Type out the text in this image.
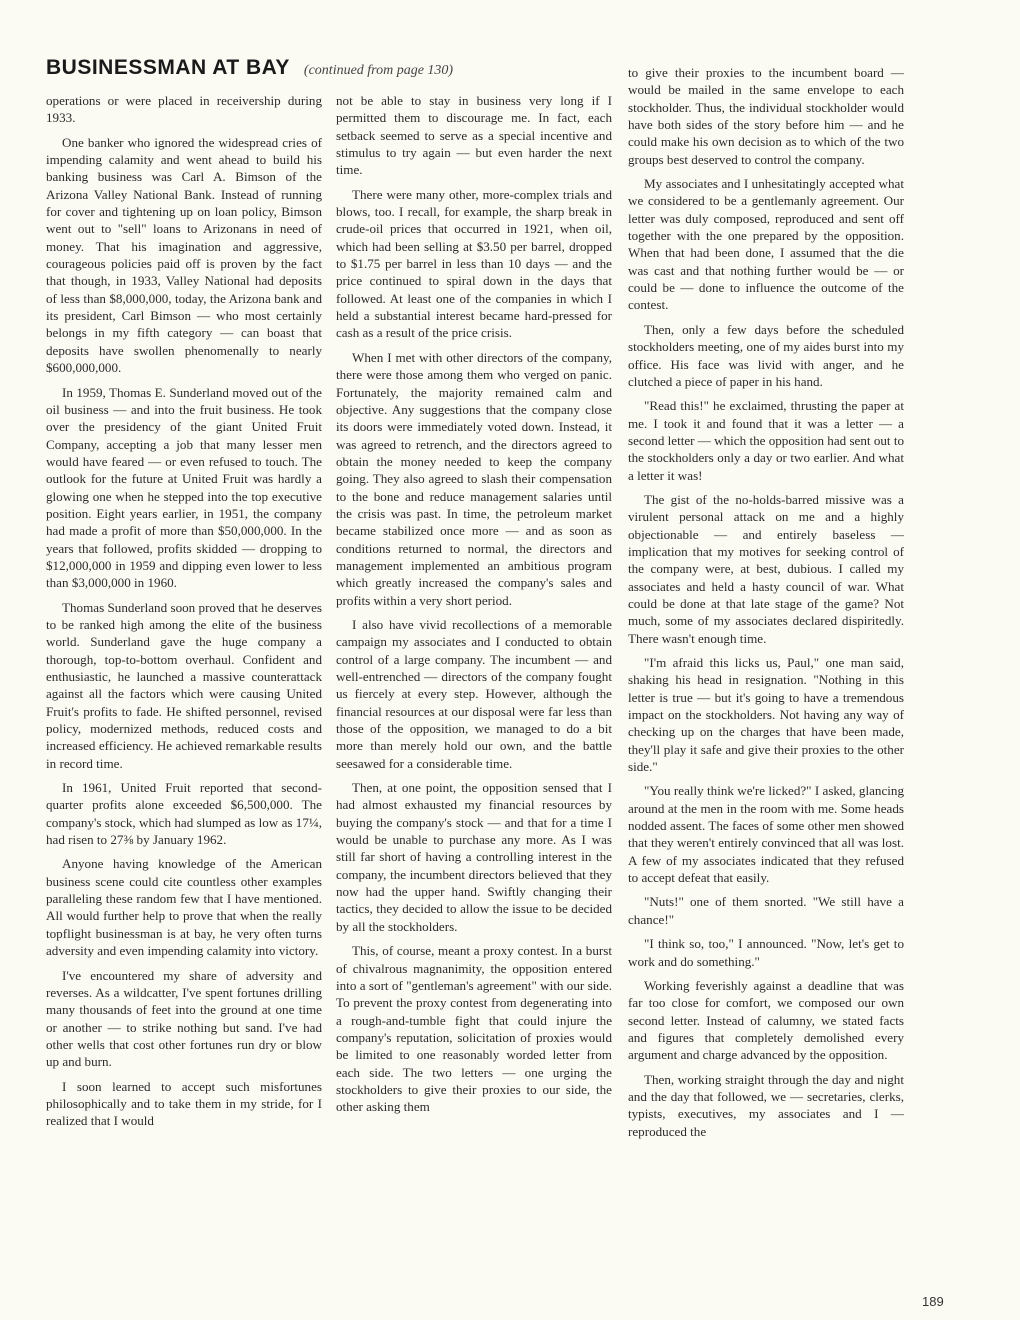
BUSINESSMAN AT BAY (continued from page 130)

operations or were placed in receivership during 1933.

One banker who ignored the widespread cries of impending calamity and went ahead to build his banking business was Carl A. Bimson of the Arizona Valley National Bank. Instead of running for cover and tightening up on loan policy, Bimson went out to "sell" loans to Arizonans in need of money. That his imagination and aggressive, courageous policies paid off is proven by the fact that though, in 1933, Valley National had deposits of less than $8,000,000, today, the Arizona bank and its president, Carl Bimson — who most certainly belongs in my fifth category — can boast that deposits have swollen phenomenally to nearly $600,000,000.

In 1959, Thomas E. Sunderland moved out of the oil business — and into the fruit business. He took over the presidency of the giant United Fruit Company, accepting a job that many lesser men would have feared — or even refused to touch. The outlook for the future at United Fruit was hardly a glowing one when he stepped into the top executive position. Eight years earlier, in 1951, the company had made a profit of more than $50,000,000. In the years that followed, profits skidded — dropping to $12,000,000 in 1959 and dipping even lower to less than $3,000,000 in 1960.

Thomas Sunderland soon proved that he deserves to be ranked high among the elite of the business world. Sunderland gave the huge company a thorough, top-to-bottom overhaul. Confident and enthusiastic, he launched a massive counterattack against all the factors which were causing United Fruit's profits to fade. He shifted personnel, revised policy, modernized methods, reduced costs and increased efficiency. He achieved remarkable results in record time.

In 1961, United Fruit reported that second-quarter profits alone exceeded $6,500,000. The company's stock, which had slumped as low as 17¼, had risen to 27⅜ by January 1962.

Anyone having knowledge of the American business scene could cite countless other examples paralleling these random few that I have mentioned. All would further help to prove that when the really topflight businessman is at bay, he very often turns adversity and even impending calamity into victory.

I've encountered my share of adversity and reverses. As a wildcatter, I've spent fortunes drilling many thousands of feet into the ground at one time or another — to strike nothing but sand. I've had other wells that cost other fortunes run dry or blow up and burn.

I soon learned to accept such misfortunes philosophically and to take them in my stride, for I realized that I would

not be able to stay in business very long if I permitted them to discourage me. In fact, each setback seemed to serve as a special incentive and stimulus to try again — but even harder the next time.

There were many other, more-complex trials and blows, too. I recall, for example, the sharp break in crude-oil prices that occurred in 1921, when oil, which had been selling at $3.50 per barrel, dropped to $1.75 per barrel in less than 10 days — and the price continued to spiral down in the days that followed. At least one of the companies in which I held a substantial interest became hard-pressed for cash as a result of the price crisis.

When I met with other directors of the company, there were those among them who verged on panic. Fortunately, the majority remained calm and objective. Any suggestions that the company close its doors were immediately voted down. Instead, it was agreed to retrench, and the directors agreed to obtain the money needed to keep the company going. They also agreed to slash their compensation to the bone and reduce management salaries until the crisis was past. In time, the petroleum market became stabilized once more — and as soon as conditions returned to normal, the directors and management implemented an ambitious program which greatly increased the company's sales and profits within a very short period.

I also have vivid recollections of a memorable campaign my associates and I conducted to obtain control of a large company. The incumbent — and well-entrenched — directors of the company fought us fiercely at every step. However, although the financial resources at our disposal were far less than those of the opposition, we managed to do a bit more than merely hold our own, and the battle seesawed for a considerable time.

Then, at one point, the opposition sensed that I had almost exhausted my financial resources by buying the company's stock — and that for a time I would be unable to purchase any more. As I was still far short of having a controlling interest in the company, the incumbent directors believed that they now had the upper hand. Swiftly changing their tactics, they decided to allow the issue to be decided by all the stockholders.

This, of course, meant a proxy contest. In a burst of chivalrous magnanimity, the opposition entered into a sort of "gentleman's agreement" with our side. To prevent the proxy contest from degenerating into a rough-and-tumble fight that could injure the company's reputation, solicitation of proxies would be limited to one reasonably worded letter from each side. The two letters — one urging the stockholders to give their proxies to our side, the other asking them

to give their proxies to the incumbent board — would be mailed in the same envelope to each stockholder. Thus, the individual stockholder would have both sides of the story before him — and he could make his own decision as to which of the two groups best deserved to control the company.

My associates and I unhesitatingly accepted what we considered to be a gentlemanly agreement. Our letter was duly composed, reproduced and sent off together with the one prepared by the opposition. When that had been done, I assumed that the die was cast and that nothing further would be — or could be — done to influence the outcome of the contest.

Then, only a few days before the scheduled stockholders meeting, one of my aides burst into my office. His face was livid with anger, and he clutched a piece of paper in his hand.

"Read this!" he exclaimed, thrusting the paper at me. I took it and found that it was a letter — a second letter — which the opposition had sent out to the stockholders only a day or two earlier. And what a letter it was!

The gist of the no-holds-barred missive was a virulent personal attack on me and a highly objectionable — and entirely baseless — implication that my motives for seeking control of the company were, at best, dubious. I called my associates and held a hasty council of war. What could be done at that late stage of the game? Not much, some of my associates declared dispiritedly. There wasn't enough time.

"I'm afraid this licks us, Paul," one man said, shaking his head in resignation. "Nothing in this letter is true — but it's going to have a tremendous impact on the stockholders. Not having any way of checking up on the charges that have been made, they'll play it safe and give their proxies to the other side."

"You really think we're licked?" I asked, glancing around at the men in the room with me. Some heads nodded assent. The faces of some other men showed that they weren't entirely convinced that all was lost. A few of my associates indicated that they refused to accept defeat that easily.

"Nuts!" one of them snorted. "We still have a chance!"

"I think so, too," I announced. "Now, let's get to work and do something."

Working feverishly against a deadline that was far too close for comfort, we composed our own second letter. Instead of calumny, we stated facts and figures that completely demolished every argument and charge advanced by the opposition.

Then, working straight through the day and night and the day that followed, we — secretaries, clerks, typists, executives, my associates and I — reproduced the

189
